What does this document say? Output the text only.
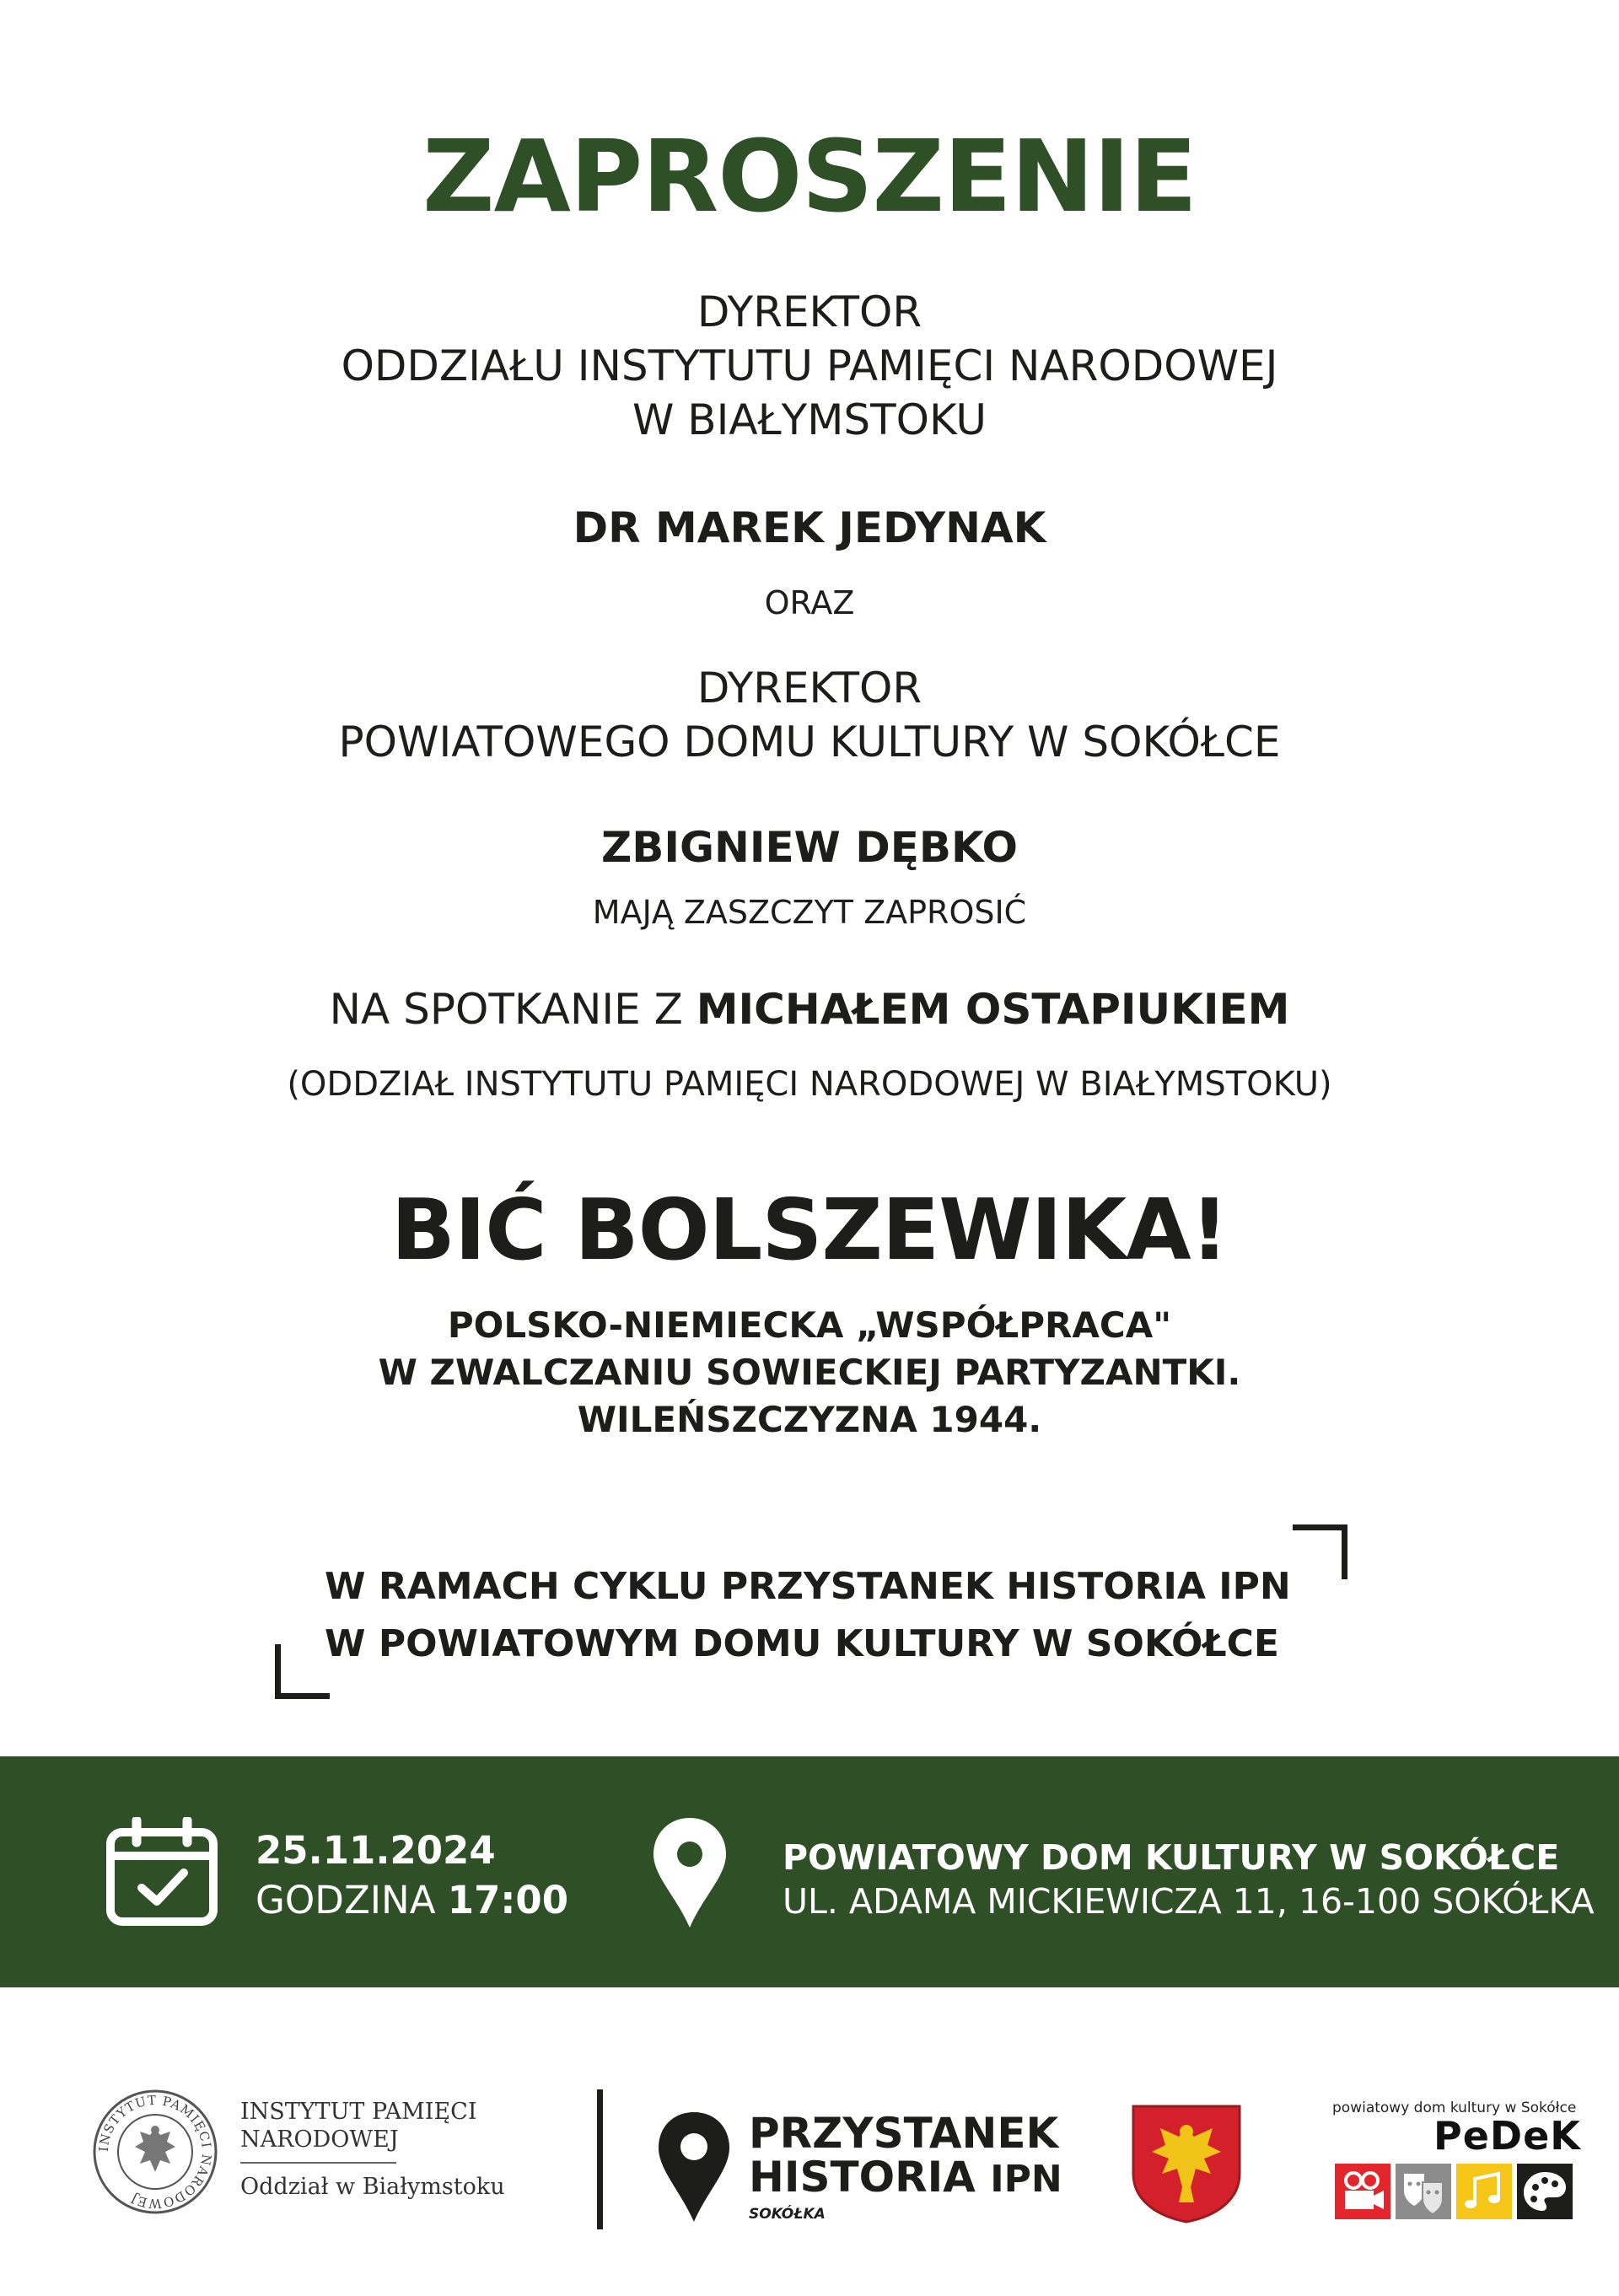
ZAPROSZENIE
DYREKTOR
ODDZIAŁU INSTYTUTU PAMIĘCI NARODOWEJ
W BIAŁYMSTOKU
DR MAREK JEDYNAK
ORAZ
DYREKTOR
POWIATOWEGO DOMU KULTURY W SOKÓŁCE
ZBIGNIEW DĘBKO
MAJĄ ZASZCZYT ZAPROSIĆ
NA SPOTKANIE Z MICHAŁEM OSTAPIUKIEM
(ODDZIAŁ INSTYTUTU PAMIĘCI NARODOWEJ W BIAŁYMSTOKU)
BIĆ BOLSZEWIKA!
POLSKO-NIEMIECKA „WSPÓŁPRACA"
W ZWALCZANIU SOWIECKIEJ PARTYZANTKI.
WILEŃSZCZYZNA 1944.
W RAMACH CYKLU PRZYSTANEK HISTORIA IPN
W POWIATOWYM DOMU KULTURY W SOKÓŁCE
25.11.2024
GODZINA 17:00
POWIATOWY DOM KULTURY W SOKÓŁCE
UL. ADAMA MICKIEWICZA 11, 16-100 SOKÓŁKA
INSTYTUT PAMIĘCI NARODOWEJ
INSTYTUT PAMIĘCI
NARODOWEJ
Oddział w Białymstoku
PRZYSTANEK
HISTORIA IPN
SOKÓŁKA
powiatowy dom kultury w Sokółce
PeDeK
